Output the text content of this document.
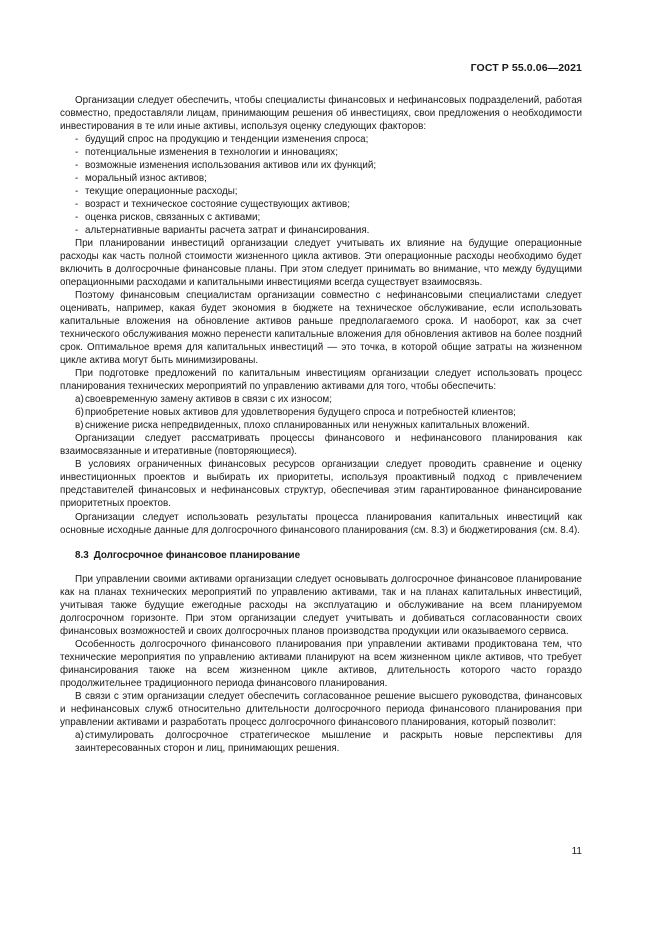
ГОСТ Р 55.0.06—2021

Организации следует обеспечить, чтобы специалисты финансовых и нефинансовых подразделений, работая совместно, предоставляли лицам, принимающим решения об инвестициях, свои предложения о необходимости инвестирования в те или иные активы, используя оценку следующих факторов:

- будущий спрос на продукцию и тенденции изменения спроса;

- потенциальные изменения в технологии и инновациях;

- возможные изменения использования активов или их функций;

- моральный износ активов;

- текущие операционные расходы;

- возраст и техническое состояние существующих активов;

- оценка рисков, связанных с активами;

- альтернативные варианты расчета затрат и финансирования.

При планировании инвестиций организации следует учитывать их влияние на будущие операционные расходы как часть полной стоимости жизненного цикла активов. Эти операционные расходы необходимо будет включить в долгосрочные финансовые планы. При этом следует принимать во внимание, что между будущими операционными расходами и капитальными инвестициями всегда существует взаимосвязь.

Поэтому финансовым специалистам организации совместно с нефинансовыми специалистами следует оценивать, например, какая будет экономия в бюджете на техническое обслуживание, если использовать капитальные вложения на обновление активов раньше предполагаемого срока. И наоборот, как за счет технического обслуживания можно перенести капитальные вложения для обновления активов на более поздний срок. Оптимальное время для капитальных инвестиций — это точка, в которой общие затраты на жизненном цикле актива могут быть минимизированы.

При подготовке предложений по капитальным инвестициям организации следует использовать процесс планирования технических мероприятий по управлению активами для того, чтобы обеспечить:

а)своевременную замену активов в связи с их износом;

б)приобретение новых активов для удовлетворения будущего спроса и потребностей клиентов;

в)снижение риска непредвиденных, плохо спланированных или ненужных капитальных вложений.

Организации следует рассматривать процессы финансового и нефинансового планирования как взаимосвязанные и итеративные (повторяющиеся).

В условиях ограниченных финансовых ресурсов организации следует проводить сравнение и оценку инвестиционных проектов и выбирать их приоритеты, используя проактивный подход с привлечением представителей финансовых и нефинансовых структур, обеспечивая этим гарантированное финансирование приоритетных проектов.

Организации следует использовать результаты процесса планирования капитальных инвестиций как основные исходные данные для долгосрочного финансового планирования (см. 8.3) и бюджетирования (см. 8.4).

8.3 Долгосрочное финансовое планирование

При управлении своими активами организации следует основывать долгосрочное финансовое планирование как на планах технических мероприятий по управлению активами, так и на планах капитальных инвестиций, учитывая также будущие ежегодные расходы на эксплуатацию и обслуживание на всем планируемом долгосрочном горизонте. При этом организации следует учитывать и добиваться согласованности своих финансовых возможностей и своих долгосрочных планов производства продукции или оказываемого сервиса.

Особенность долгосрочного финансового планирования при управлении активами продиктована тем, что технические мероприятия по управлению активами планируют на всем жизненном цикле активов, что требует финансирования также на всем жизненном цикле активов, длительность которого часто гораздо продолжительнее традиционного периода финансового планирования.

В связи с этим организации следует обеспечить согласованное решение высшего руководства, финансовых и нефинансовых служб относительно длительности долгосрочного периода финансового планирования при управлении активами и разработать процесс долгосрочного финансового планирования, который позволит:

а)стимулировать долгосрочное стратегическое мышление и раскрыть новые перспективы для заинтересованных сторон и лиц, принимающих решения.

11
